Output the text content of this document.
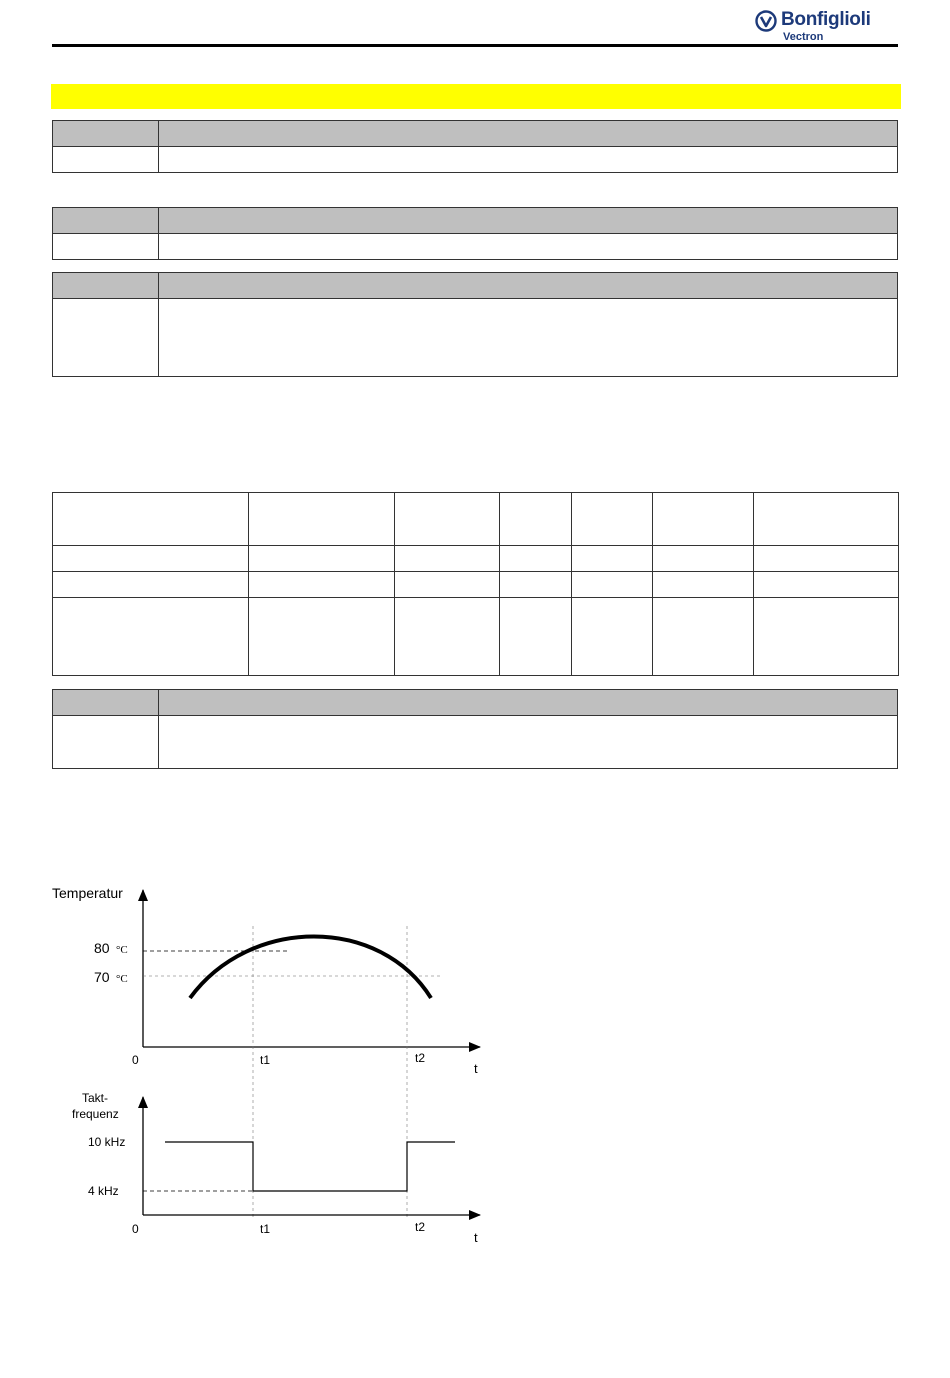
Bonfiglioli
Vectron

Temperatur
80 °C
70 °C
0	t1	t2
t
Takt-
frequenz
10 kHz
4 kHz
0	t1	t2
t
